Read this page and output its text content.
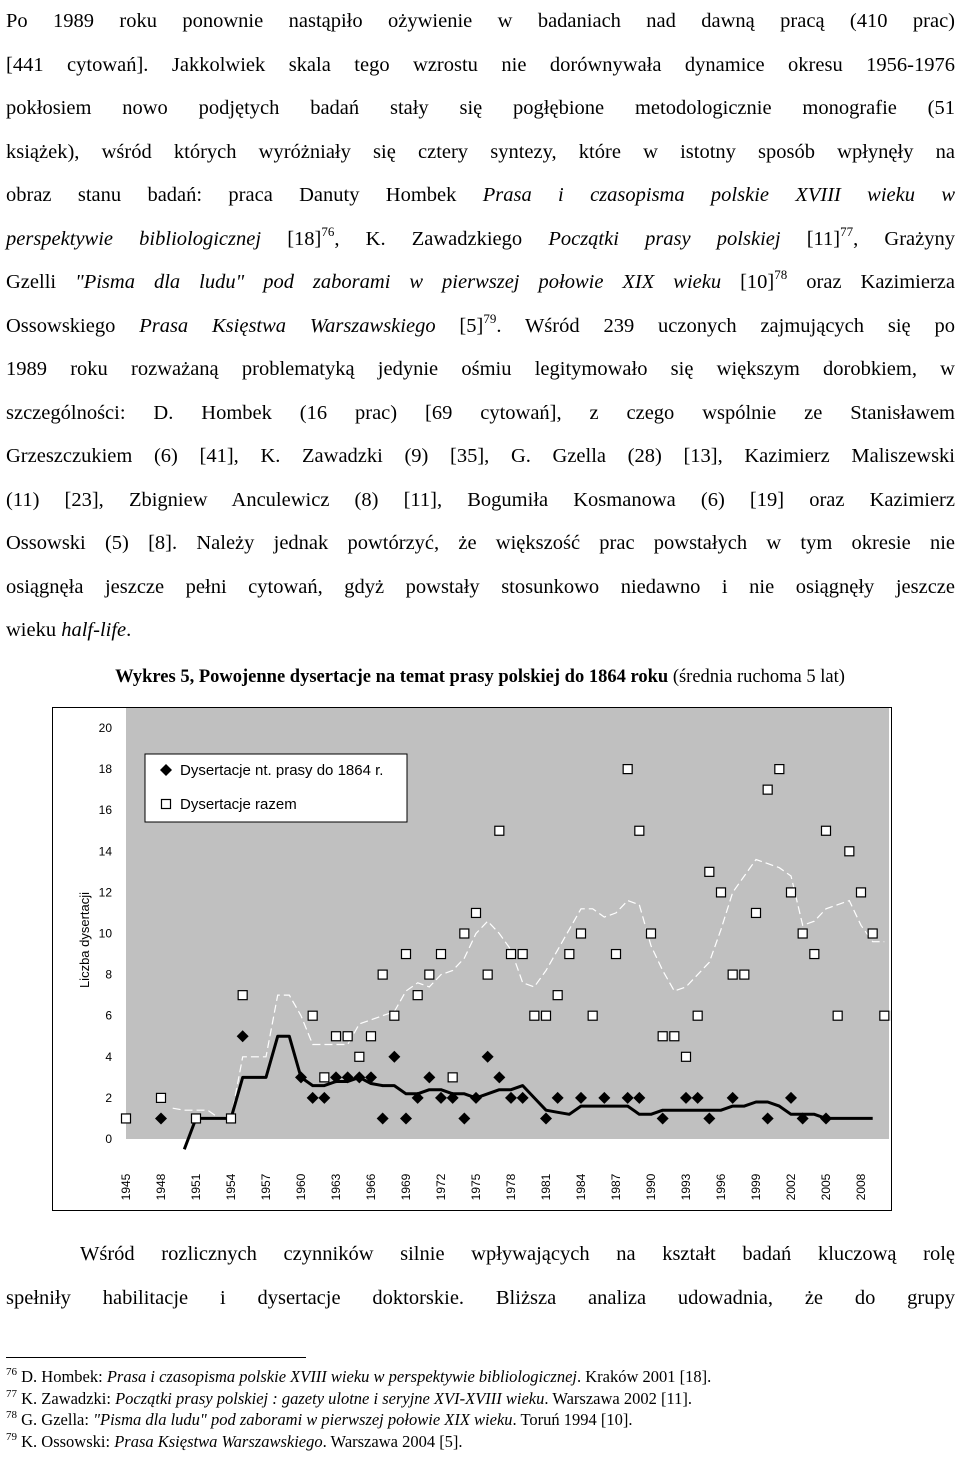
Po 1989 roku ponownie nastąpiło ożywienie w badaniach nad dawną pracą (410 prac)
[441 cytowań]. Jakkolwiek skala tego wzrostu nie dorównywała dynamice okresu 1956-1976
pokłosiem nowo podjętych badań stały się pogłębione metodologicznie monografie (51
książek), wśród których wyróżniały się cztery syntezy, które w istotny sposób wpłynęły na
obraz stanu badań: praca Danuty Hombek Prasa i czasopisma polskie XVIII wieku w
perspektywie bibliologicznej $[18]^{76}$, K. Zawadzkiego Początki prasy polskiej $[11]^{77}$, Grażyny
Gzelli "Pisma dla ludu" pod zaborami w pierwszej połowie XIX wieku $[10]^{78}$ oraz Kazimierza
Ossowskiego Prasa Księstwa Warszawskiego $[5]^{79}$. Wśród 239 uczonych zajmujących się po
1989 roku rozważaną problematyką jedynie ośmiu legitymowało się większym dorobkiem, w
szczególności: D. Hombek (16 prac) [69 cytowań], z czego wspólnie ze Stanisławem
Grzeszczukiem (6) [41], K. Zawadzki (9) [35], G. Gzella (28) [13], Kazimierz Maliszewski
(11) [23], Zbigniew Anculewicz (8) [11], Bogumiła Kosmanowa (6) [19] oraz Kazimierz
Ossowski (5) [8]. Należy jednak powtórzyć, że większość prac powstałych w tym okresie nie
osiągnęła jeszcze pełni cytowań, gdyż powstały stosunkowo niedawno i nie osiągnęły jeszcze
wieku half-life.
Wykres 5, Powojenne dysertacje na temat prasy polskiej do 1864 roku (średnia ruchoma 5 lat)
0
2
4
6
8
10
12
14
16
18
20
Liczba dysertacji
1945 1948 1951 1954 1957 1960 1963 1966 1969 1972 1975 1978 1981 1984 1987 1990 1993 1996 1999 2002 2005 2008
Dysertacje nt. prasy do 1864 r.
Dysertacje razem
Wśród rozlicznych czynników silnie wpływających na kształt badań kluczową rolę
spełniły habilitacje i dysertacje doktorskie. Bliższa analiza udowadnia, że do grupy
$^{76}$ D. Hombek: Prasa i czasopisma polskie XVIII wieku w perspektywie bibliologicznej. Kraków 2001 [18].
$^{77}$ K. Zawadzki: Początki prasy polskiej : gazety ulotne i seryjne XVI-XVIII wieku. Warszawa 2002 [11].
$^{78}$ G. Gzella: "Pisma dla ludu" pod zaborami w pierwszej połowie XIX wieku. Toruń 1994 [10].
$^{79}$ K. Ossowski: Prasa Księstwa Warszawskiego. Warszawa 2004 [5].
